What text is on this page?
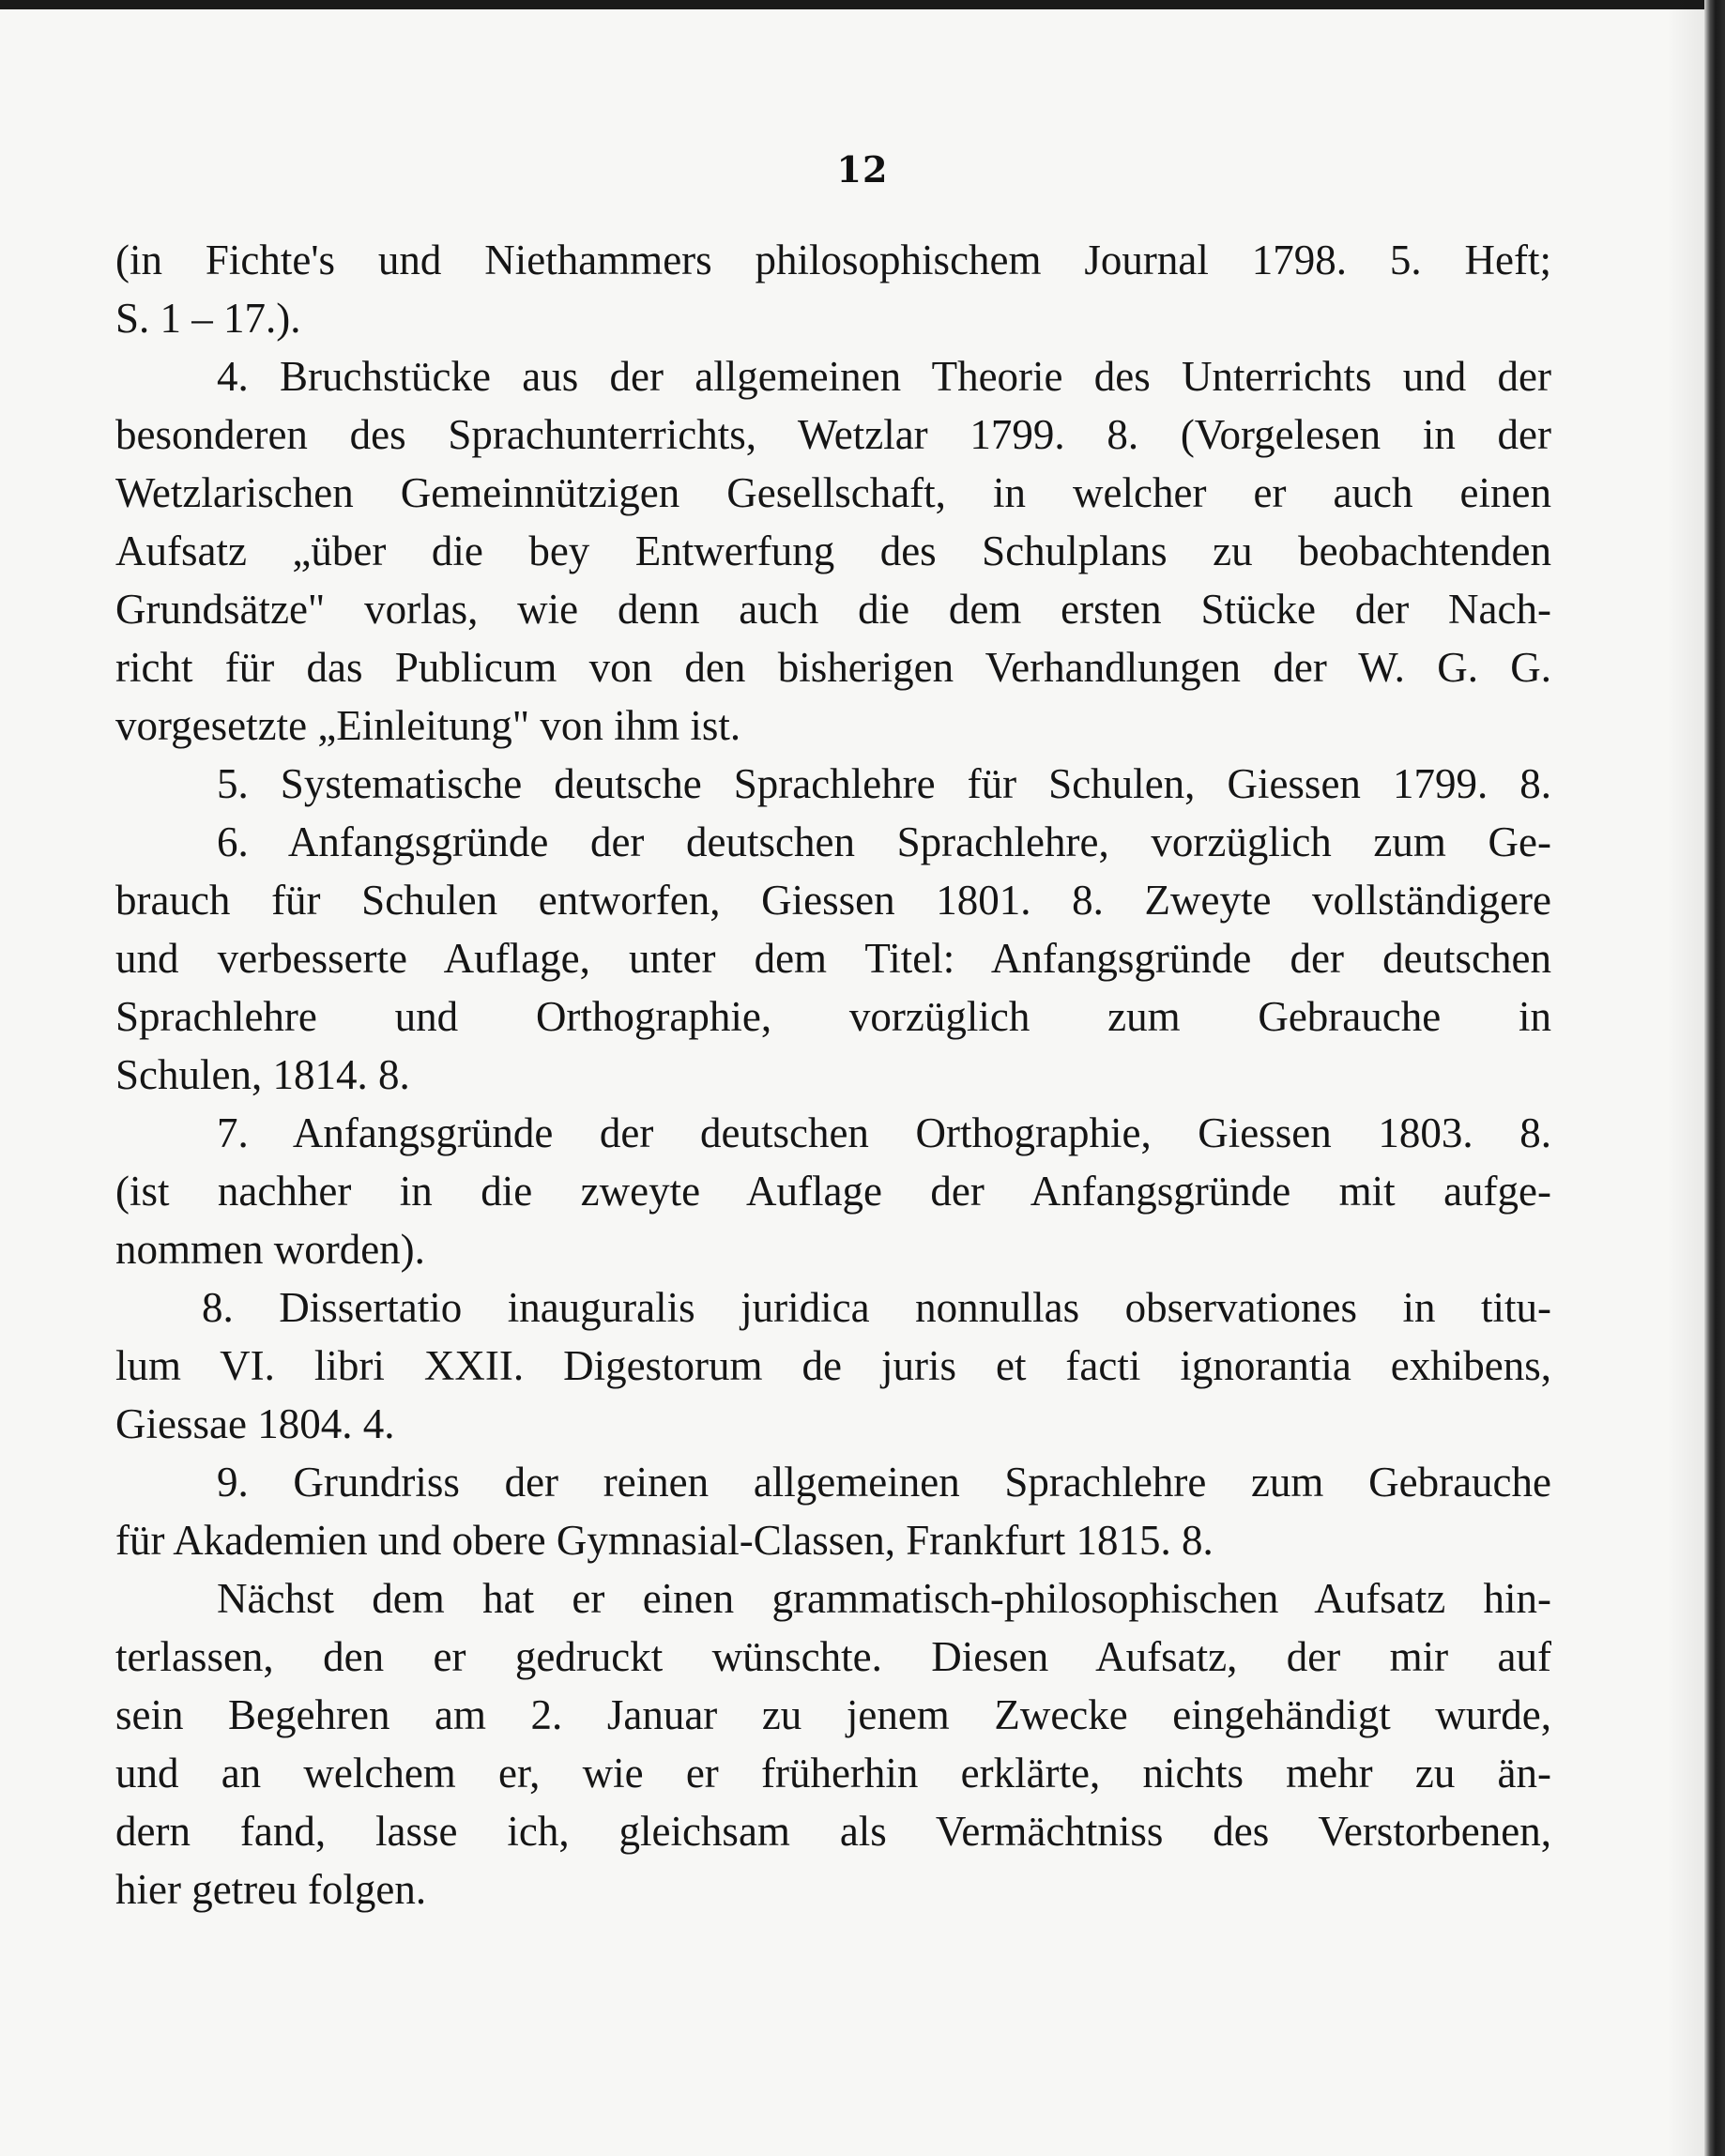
12
(in Fichte's und Niethammers philosophischem Journal 1798. 5. Heft;
S. 1 – 17.).
4. Bruchstücke aus der allgemeinen Theorie des Unterrichts und der
besonderen des Sprachunterrichts, Wetzlar 1799. 8. (Vorgelesen in der
Wetzlarischen Gemeinnützigen Gesellschaft, in welcher er auch einen
Aufsatz „über die bey Entwerfung des Schulplans zu beobachtenden
Grundsätze" vorlas, wie denn auch die dem ersten Stücke der Nach-
richt für das Publicum von den bisherigen Verhandlungen der W. G. G.
vorgesetzte „Einleitung" von ihm ist.
5. Systematische deutsche Sprachlehre für Schulen, Giessen 1799. 8.
6. Anfangsgründe der deutschen Sprachlehre, vorzüglich zum Ge-
brauch für Schulen entworfen, Giessen 1801. 8. Zweyte vollständigere
und verbesserte Auflage, unter dem Titel: Anfangsgründe der deutschen
Sprachlehre und Orthographie, vorzüglich zum Gebrauche in
Schulen, 1814. 8.
7. Anfangsgründe der deutschen Orthographie, Giessen 1803. 8.
(ist nachher in die zweyte Auflage der Anfangsgründe mit aufge-
nommen worden).
8. Dissertatio inauguralis juridica nonnullas observationes in titu-
lum VI. libri XXII. Digestorum de juris et facti ignorantia exhibens,
Giessae 1804. 4.
9. Grundriss der reinen allgemeinen Sprachlehre zum Gebrauche
für Akademien und obere Gymnasial-Classen, Frankfurt 1815. 8.
Nächst dem hat er einen grammatisch-philosophischen Aufsatz hin-
terlassen, den er gedruckt wünschte. Diesen Aufsatz, der mir auf
sein Begehren am 2. Januar zu jenem Zwecke eingehändigt wurde,
und an welchem er, wie er früherhin erklärte, nichts mehr zu än-
dern fand, lasse ich, gleichsam als Vermächtniss des Verstorbenen,
hier getreu folgen.
